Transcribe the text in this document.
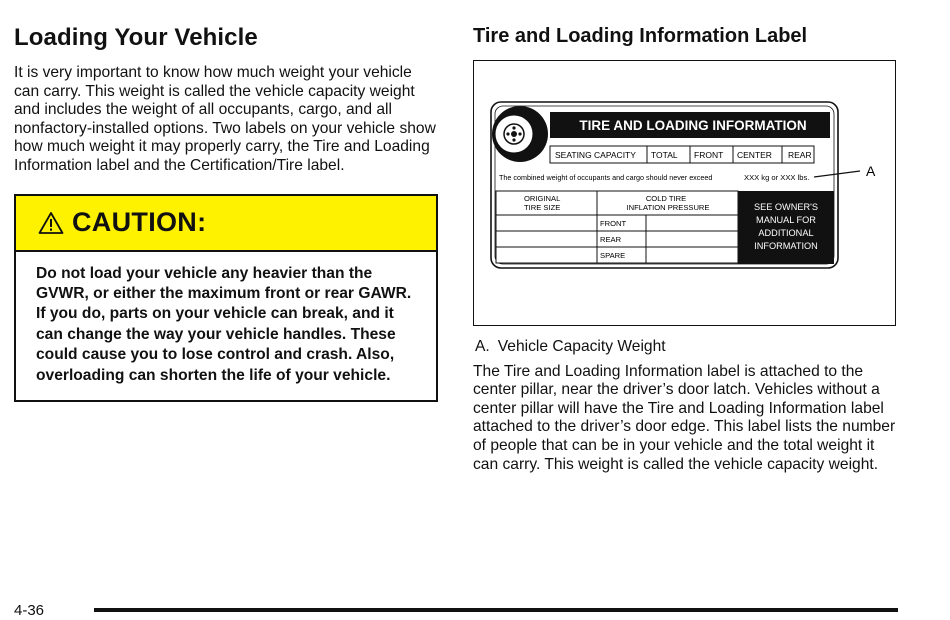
Loading Your Vehicle

It is very important to know how much weight your vehicle can carry. This weight is called the vehicle capacity weight and includes the weight of all occupants, cargo, and all nonfactory-installed options. Two labels on your vehicle show how much weight it may properly carry, the Tire and Loading Information label and the Certification/Tire label.

CAUTION:
Do not load your vehicle any heavier than the GVWR, or either the maximum front or rear GAWR. If you do, parts on your vehicle can break, and it can change the way your vehicle handles. These could cause you to lose control and crash. Also, overloading can shorten the life of your vehicle.
Tire and Loading Information Label
TIRE AND LOADING INFORMATION
SEATING CAPACITY TOTAL FRONT CENTER REAR
The combined weight of occupants and cargo should never exceed	XXX kg or XXX lbs.	A
ORIGINAL
TIRE SIZE
COLD TIRE
INFLATION PRESSURE
FRONT
REAR
SPARE
SEE OWNER'S
MANUAL FOR
ADDITIONAL
INFORMATION

A. Vehicle Capacity Weight

The Tire and Loading Information label is attached to the center pillar, near the driver’s door latch. Vehicles without a center pillar will have the Tire and Loading Information label attached to the driver’s door edge. This label lists the number of people that can be in your vehicle and the total weight it can carry. This weight is called the vehicle capacity weight.

4-36
